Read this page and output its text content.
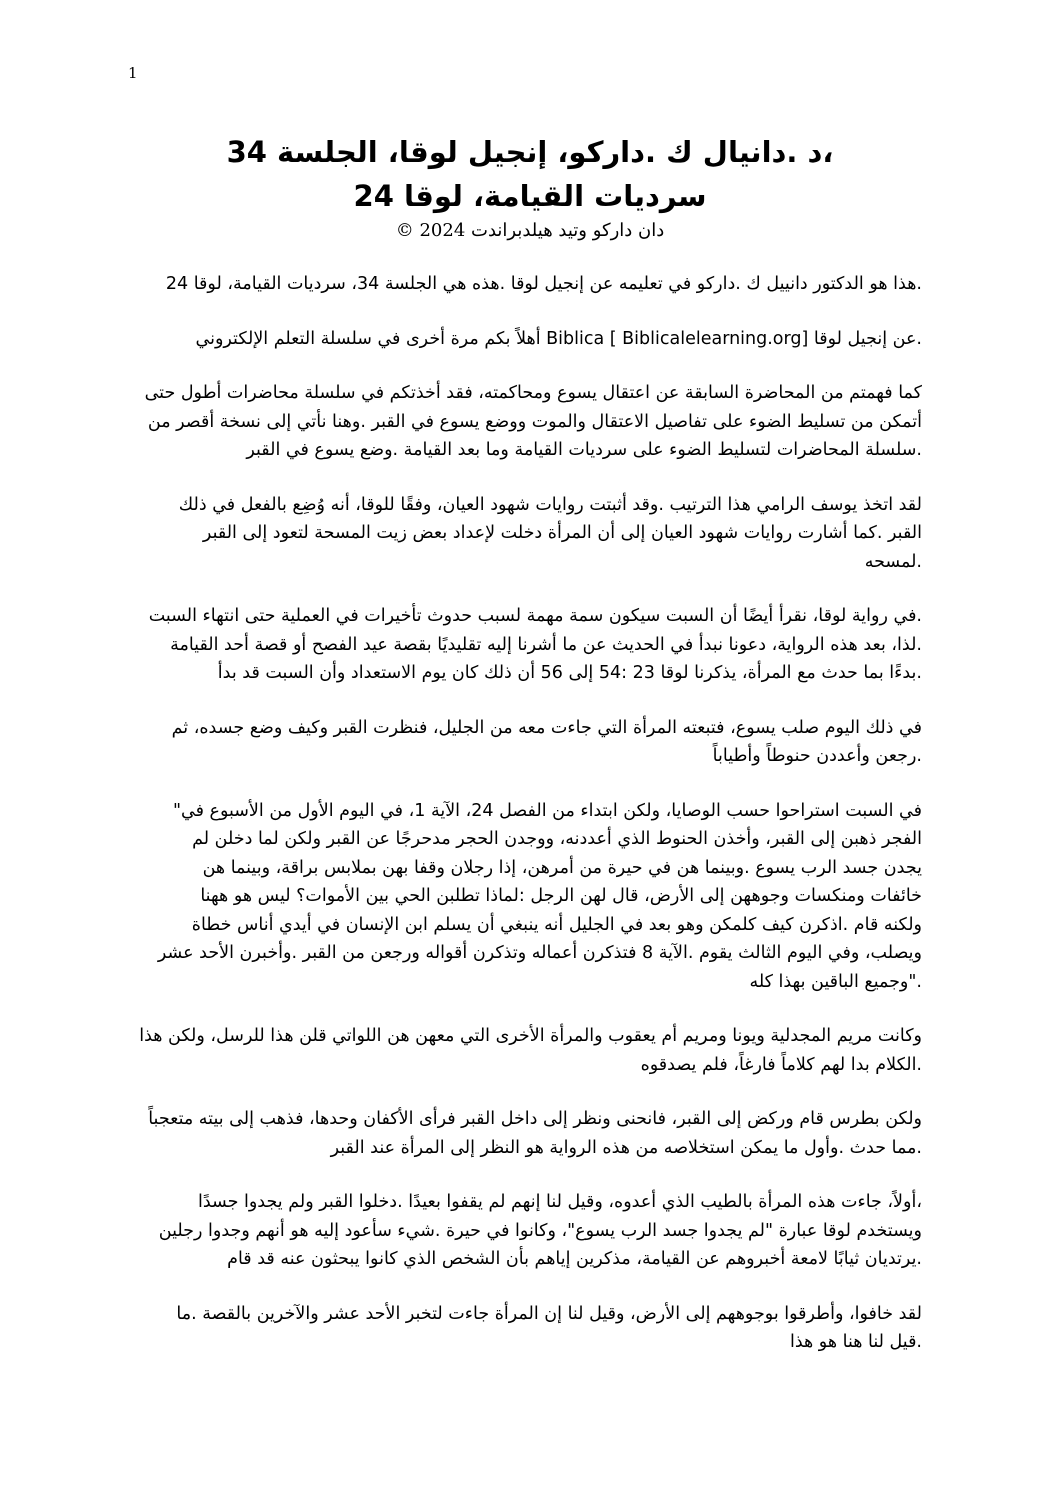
1
،د .دانيال ك .داركو، إنجيل لوقا، الجلسة 34
سرديات القيامة، لوقا 24
دان داركو وتيد هيلدبراندت 2024 ©
.هذا هو الدكتور دانييل ك .داركو في تعليمه عن إنجيل لوقا .هذه هي الجلسة 34، سرديات القيامة، لوقا 24
.عن إنجيل لوقا [Biblica [ Biblicalelearning.org أهلاً بكم مرة أخرى في سلسلة التعلم الإلكتروني
كما فهمتم من المحاضرة السابقة عن اعتقال يسوع ومحاكمته، فقد أخذتكم في سلسلة محاضرات أطول حتى
أتمكن من تسليط الضوء على تفاصيل الاعتقال والموت ووضع يسوع في القبر .وهنا نأتي إلى نسخة أقصر من
.سلسلة المحاضرات لتسليط الضوء على سرديات القيامة وما بعد القيامة .وضع يسوع في القبر
لقد اتخذ يوسف الرامي هذا الترتيب .وقد أثبتت روايات شهود العيان، وفقًا للوقا، أنه وُضِع بالفعل في ذلك
القبر .كما أشارت روايات شهود العيان إلى أن المرأة دخلت لإعداد بعض زيت المسحة لتعود إلى القبر
.لمسحه
.في رواية لوقا، نقرأ أيضًا أن السبت سيكون سمة مهمة لسبب حدوث تأخيرات في العملية حتى انتهاء السبت
.لذا، بعد هذه الرواية، دعونا نبدأ في الحديث عن ما أشرنا إليه تقليديًا بقصة عيد الفصح أو قصة أحد القيامة
.بدءًا بما حدث مع المرأة، يذكرنا لوقا 23 :54 إلى 56 أن ذلك كان يوم الاستعداد وأن السبت قد بدأ
في ذلك اليوم صلب يسوع، فتبعته المرأة التي جاءت معه من الجليل، فنظرت القبر وكيف وضع جسده، ثم
.رجعن وأعددن حنوطاً وأطياباً
في السبت استراحوا حسب الوصايا، ولكن ابتداء من الفصل 24، الآية 1، في اليوم الأول من الأسبوع في"
الفجر ذهبن إلى القبر، وأخذن الحنوط الذي أعددنه، ووجدن الحجر مدحرجًا عن القبر ولكن لما دخلن لم
يجدن جسد الرب يسوع .وبينما هن في حيرة من أمرهن، إذا رجلان وقفا بهن بملابس براقة، وبينما هن
خائفات ومنكسات وجوههن إلى الأرض، قال لهن الرجل :لماذا تطلبن الحي بين الأموات؟ ليس هو ههنا
ولكنه قام .اذكرن كيف كلمكن وهو بعد في الجليل أنه ينبغي أن يسلم ابن الإنسان في أيدي أناس خطاة
ويصلب، وفي اليوم الثالث يقوم .الآية 8 فتذكرن أعماله وتذكرن أقواله ورجعن من القبر .وأخبرن الأحد عشر
."وجميع الباقين بهذا كله
وكانت مريم المجدلية ويونا ومريم أم يعقوب والمرأة الأخرى التي معهن هن اللواتي قلن هذا للرسل، ولكن هذا
.الكلام بدا لهم كلاماً فارغاً، فلم يصدقوه
ولكن بطرس قام وركض إلى القبر، فانحنى ونظر إلى داخل القبر فرأى الأكفان وحدها، فذهب إلى بيته متعجباً
.مما حدث .وأول ما يمكن استخلاصه من هذه الرواية هو النظر إلى المرأة عند القبر
،أولاً، جاءت هذه المرأة بالطيب الذي أعدوه، وقيل لنا إنهم لم يقفوا بعيدًا .دخلوا القبر ولم يجدوا جسدًا
ويستخدم لوقا عبارة "لم يجدوا جسد الرب يسوع"، وكانوا في حيرة .شيء سأعود إليه هو أنهم وجدوا رجلين
.يرتديان ثيابًا لامعة أخبروهم عن القيامة، مذكرين إياهم بأن الشخص الذي كانوا يبحثون عنه قد قام
لقد خافوا، وأطرقوا بوجوههم إلى الأرض، وقيل لنا إن المرأة جاءت لتخبر الأحد عشر والآخرين بالقصة .ما
.قيل لنا هنا هو هذا
